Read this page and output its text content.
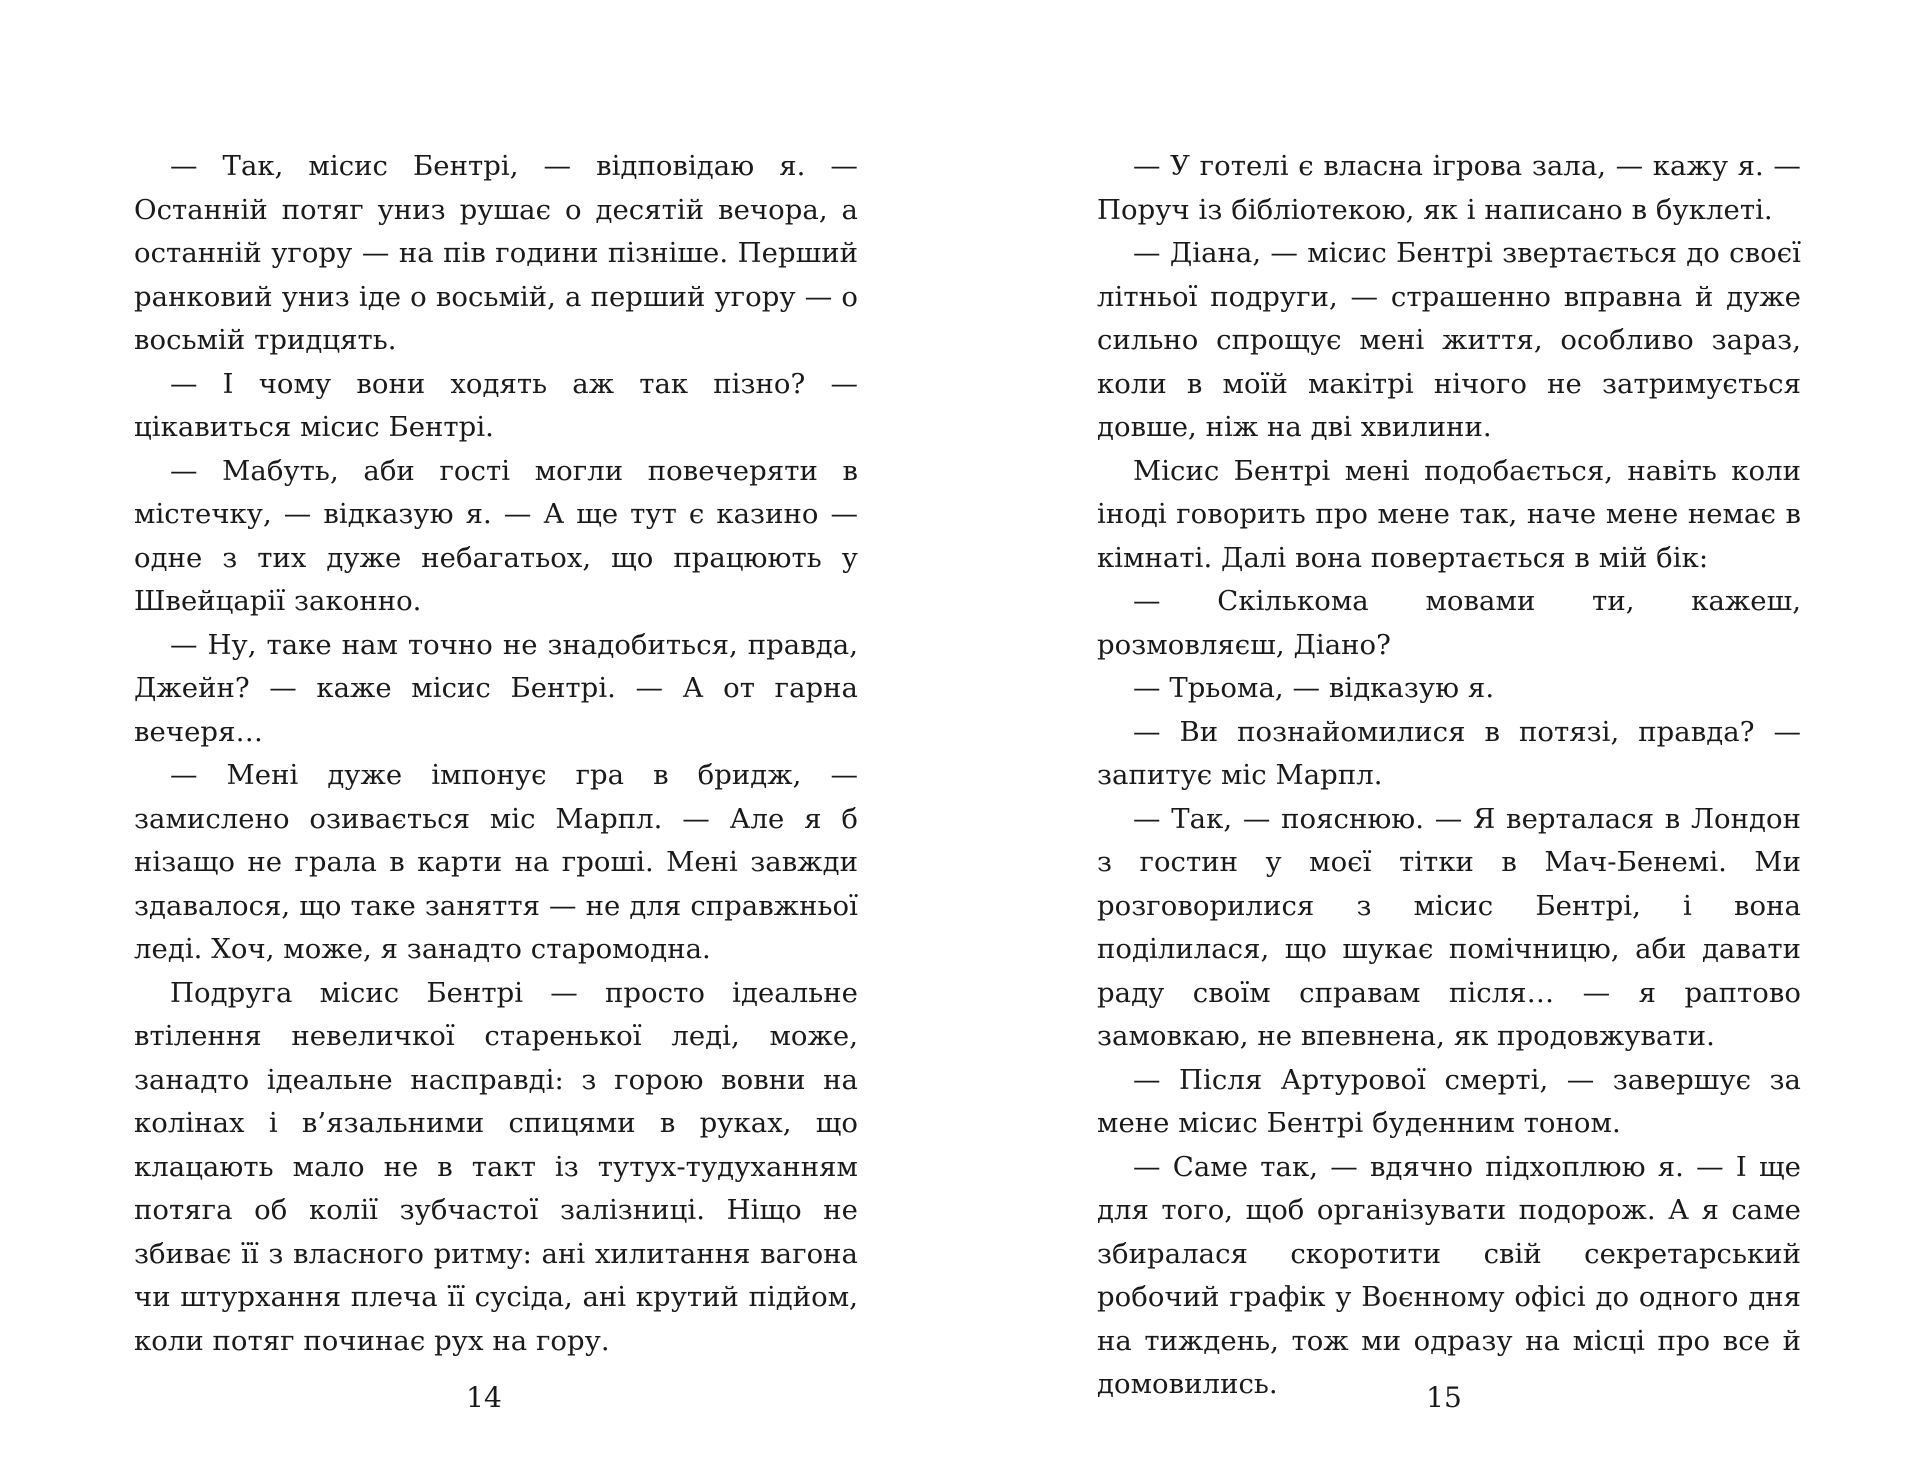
— Так, місис Бентрі, — відповідаю я. — Останній потяг униз рушає о десятій вечора, а останній угору — на пів години пізніше. Перший ранковий униз іде о восьмій, а перший угору — о восьмій тридцять.

— І чому вони ходять аж так пізно? — цікавиться місис Бентрі.

— Мабуть, аби гості могли повечеряти в містечку, — відказую я. — А ще тут є казино — одне з тих дуже небагатьох, що працюють у Швейцарії законно.

— Ну, таке нам точно не знадобиться, правда, Джейн? — каже місис Бентрі. — А от гарна вечеря…

— Мені дуже імпонує гра в бридж, — замислено озивається міс Марпл. — Але я б нізащо не грала в карти на гроші. Мені завжди здавалося, що таке заняття — не для справжньої леді. Хоч, може, я занадто старомодна.

Подруга місис Бентрі — просто ідеальне втілення невеличкої старенької леді, може, занадто ідеальне насправді: з горою вовни на колінах і в’язальними спицями в руках, що клацають мало не в такт із тутух-тудуханням потяга об колії зубчастої залізниці. Ніщо не збиває її з власного ритму: ані хилитання вагона чи штурхання плеча її сусіда, ані крутий підйом, коли потяг починає рух на гору.

— У готелі є власна ігрова зала, — кажу я. — Поруч із бібліотекою, як і написано в буклеті.

— Діана, — місис Бентрі звертається до своєї літньої подруги, — страшенно вправна й дуже сильно спрощує мені життя, особливо зараз, коли в моїй макітрі нічого не затримується довше, ніж на дві хвилини.

Місис Бентрі мені подобається, навіть коли іноді говорить про мене так, наче мене немає в кімнаті. Далі вона повертається в мій бік:

— Скількома мовами ти, кажеш, розмовляєш, Діано?

— Трьома, — відказую я.

— Ви познайомилися в потязі, правда? — запитує міс Марпл.

— Так, — пояснюю. — Я верталася в Лондон з гостин у моєї тітки в Мач-Бенемі. Ми розговорилися з місис Бентрі, і вона поділилася, що шукає помічницю, аби давати раду своїм справам після… — я раптово замовкаю, не впевнена, як продовжувати.

— Після Артурової смерті, — завершує за мене місис Бентрі буденним тоном.

— Саме так, — вдячно підхоплюю я. — І ще для того, щоб організувати подорож. А я саме збиралася скоротити свій секретарський робочий графік у Воєнному офісі до одного дня на тиждень, тож ми одразу на місці про все й домовились.

14	15
